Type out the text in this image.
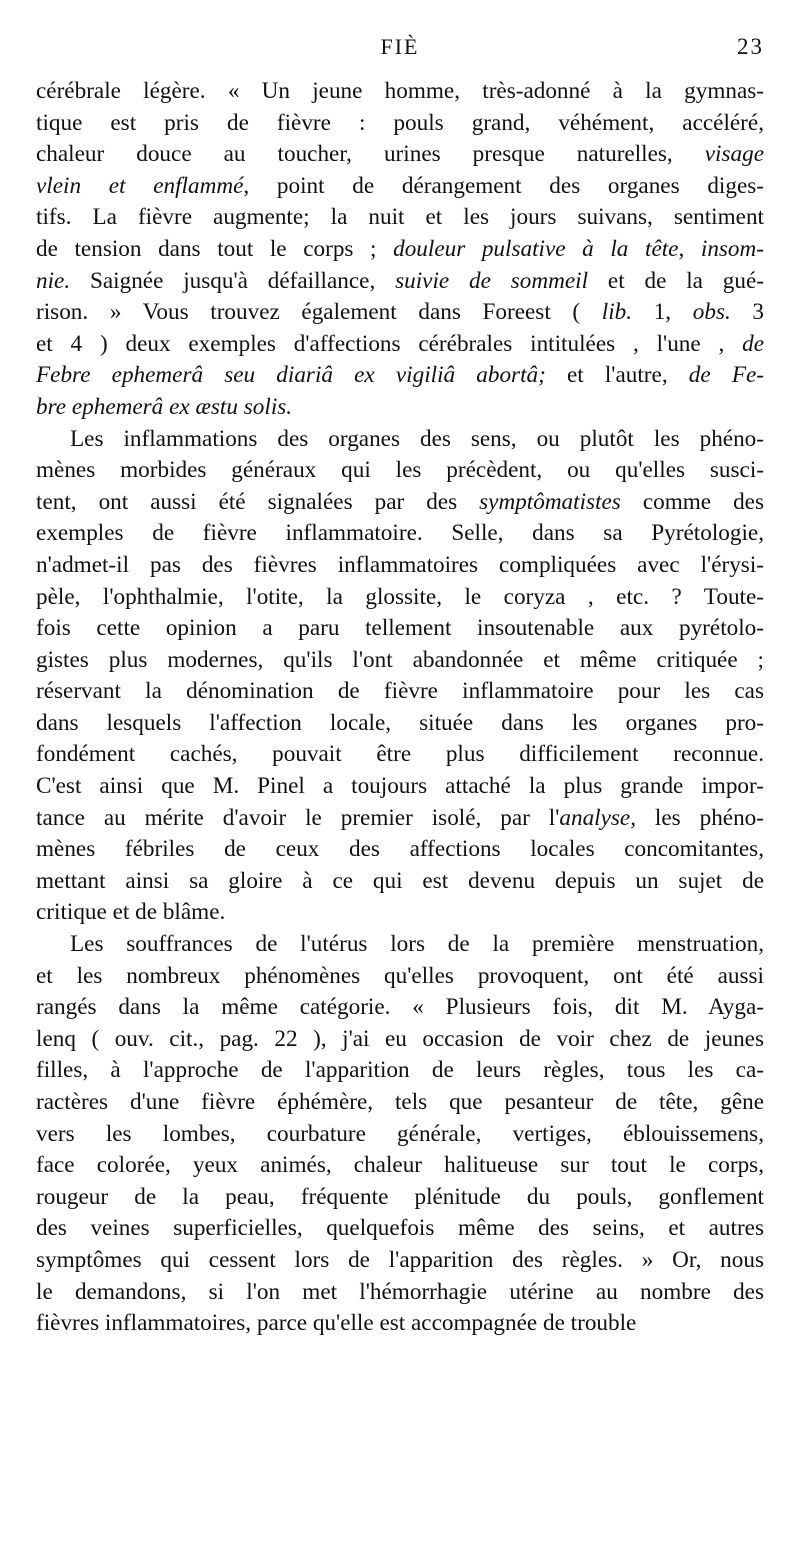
FIÈ	23
cérébrale légère. « Un jeune homme, très-adonné à la gymnas-
tique est pris de fièvre : pouls grand, véhément, accéléré,
chaleur douce au toucher, urines presque naturelles, visage
vlein et enflammé, point de dérangement des organes diges-
tifs. La fièvre augmente; la nuit et les jours suivans, sentiment
de tension dans tout le corps ; douleur pulsative à la tête, insom-
nie. Saignée jusqu'à défaillance, suivie de sommeil et de la gué-
rison. » Vous trouvez également dans Foreest ( lib. 1, obs. 3
et 4 ) deux exemples d'affections cérébrales intitulées , l'une , de
Febre ephemerâ seu diariâ ex vigiliâ abortâ; et l'autre, de Fe-
bre ephemerâ ex æstu solis.
Les inflammations des organes des sens, ou plutôt les phéno-
mènes morbides généraux qui les précèdent, ou qu'elles susci-
tent, ont aussi été signalées par des symptômatistes comme des
exemples de fièvre inflammatoire. Selle, dans sa Pyrétologie,
n'admet-il pas des fièvres inflammatoires compliquées avec l'érysi-
pèle, l'ophthalmie, l'otite, la glossite, le coryza , etc. ? Toute-
fois cette opinion a paru tellement insoutenable aux pyrétolo-
gistes plus modernes, qu'ils l'ont abandonnée et même critiquée ;
réservant la dénomination de fièvre inflammatoire pour les cas
dans lesquels l'affection locale, située dans les organes pro-
fondément cachés, pouvait être plus difficilement reconnue.
C'est ainsi que M. Pinel a toujours attaché la plus grande impor-
tance au mérite d'avoir le premier isolé, par l'analyse, les phéno-
mènes fébriles de ceux des affections locales concomitantes,
mettant ainsi sa gloire à ce qui est devenu depuis un sujet de
critique et de blâme.
Les souffrances de l'utérus lors de la première menstruation,
et les nombreux phénomènes qu'elles provoquent, ont été aussi
rangés dans la même catégorie. « Plusieurs fois, dit M. Ayga-
lenq ( ouv. cit., pag. 22 ), j'ai eu occasion de voir chez de jeunes
filles, à l'approche de l'apparition de leurs règles, tous les ca-
ractères d'une fièvre éphémère, tels que pesanteur de tête, gêne
vers les lombes, courbature générale, vertiges, éblouissemens,
face colorée, yeux animés, chaleur halitueuse sur tout le corps,
rougeur de la peau, fréquente plénitude du pouls, gonflement
des veines superficielles, quelquefois même des seins, et autres
symptômes qui cessent lors de l'apparition des règles. » Or, nous
le demandons, si l'on met l'hémorrhagie utérine au nombre des
fièvres inflammatoires, parce qu'elle est accompagnée de trouble
